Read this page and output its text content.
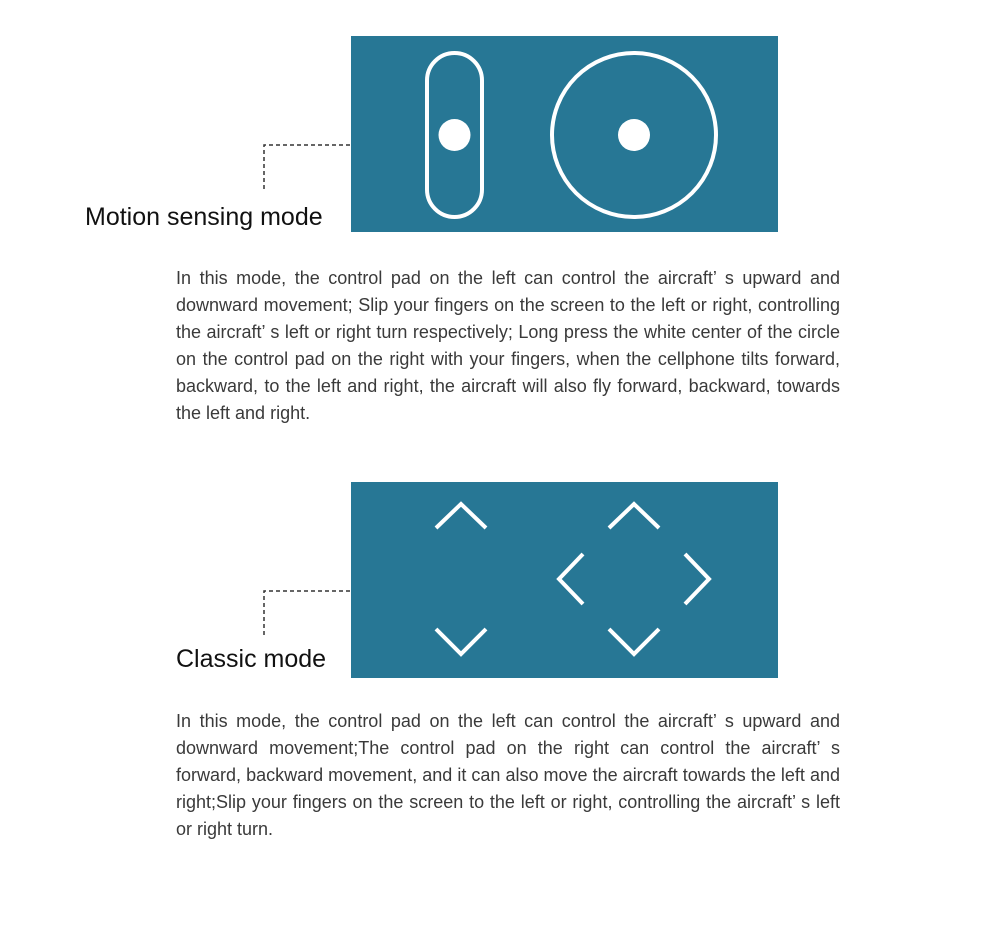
Motion sensing mode
In this mode, the control pad on the left can control the aircraft’ s upward and downward movement; Slip your fingers on the screen to the left or right, controlling the aircraft’ s left or right turn respectively; Long press the white center of the circle on the control pad on the right with your fingers, when the cellphone tilts forward, backward, to the left and right, the aircraft will also fly forward, backward, towards the left and right.
Classic mode
In this mode, the control pad on the left can control the aircraft’ s upward and downward movement;The control pad on the right can control the aircraft’ s forward, backward movement, and it can also move the aircraft towards the left and right;Slip your fingers on the screen to the left or right, controlling the aircraft’ s left or right turn.
